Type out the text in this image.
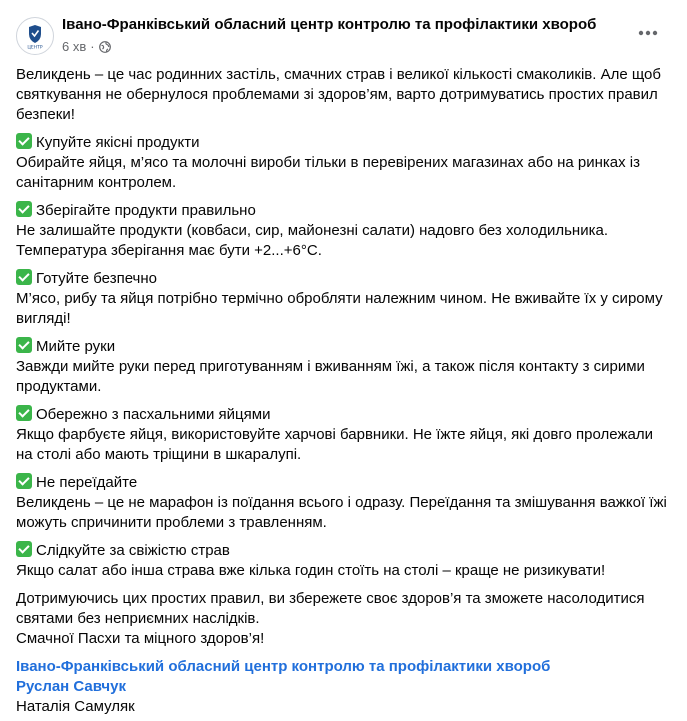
ЦЕНТР
Івано-Франківський обласний центр контролю та профілактики хвороб
6 хв ·

Великдень – це час родинних застіль, смачних страв і великої кількості смаколиків. Але щоб святкування не обернулося проблемами зі здоров’ям, варто дотримуватись простих правил безпеки!

Купуйте якісні продукти
Обирайте яйця, м’ясо та молочні вироби тільки в перевірених магазинах або на ринках із санітарним контролем.

Зберігайте продукти правильно
Не залишайте продукти (ковбаси, сир, майонезні салати) надовго без холодильника. Температура зберігання має бути +2...+6°C.

Готуйте безпечно
М’ясо, рибу та яйця потрібно термічно обробляти належним чином. Не вживайте їх у сирому вигляді!

Мийте руки
Завжди мийте руки перед приготуванням і вживанням їжі, а також після контакту з сирими продуктами.

Обережно з пасхальними яйцями
Якщо фарбуєте яйця, використовуйте харчові барвники. Не їжте яйця, які довго пролежали на столі або мають тріщини в шкаралупі.

Не переїдайте
Великдень – це не марафон із поїдання всього і одразу. Переїдання та змішування важкої їжі можуть спричинити проблеми з травленням.

Слідкуйте за свіжістю страв
Якщо салат або інша страва вже кілька годин стоїть на столі – краще не ризикувати!

Дотримуючись цих простих правил, ви збережете своє здоров’я та зможете насолодитися святами без неприємних наслідків.
Смачної Пасхи та міцного здоров’я!

Івано-Франківський обласний центр контролю та профілактики хвороб
Руслан Савчук
Наталія Самуляк
